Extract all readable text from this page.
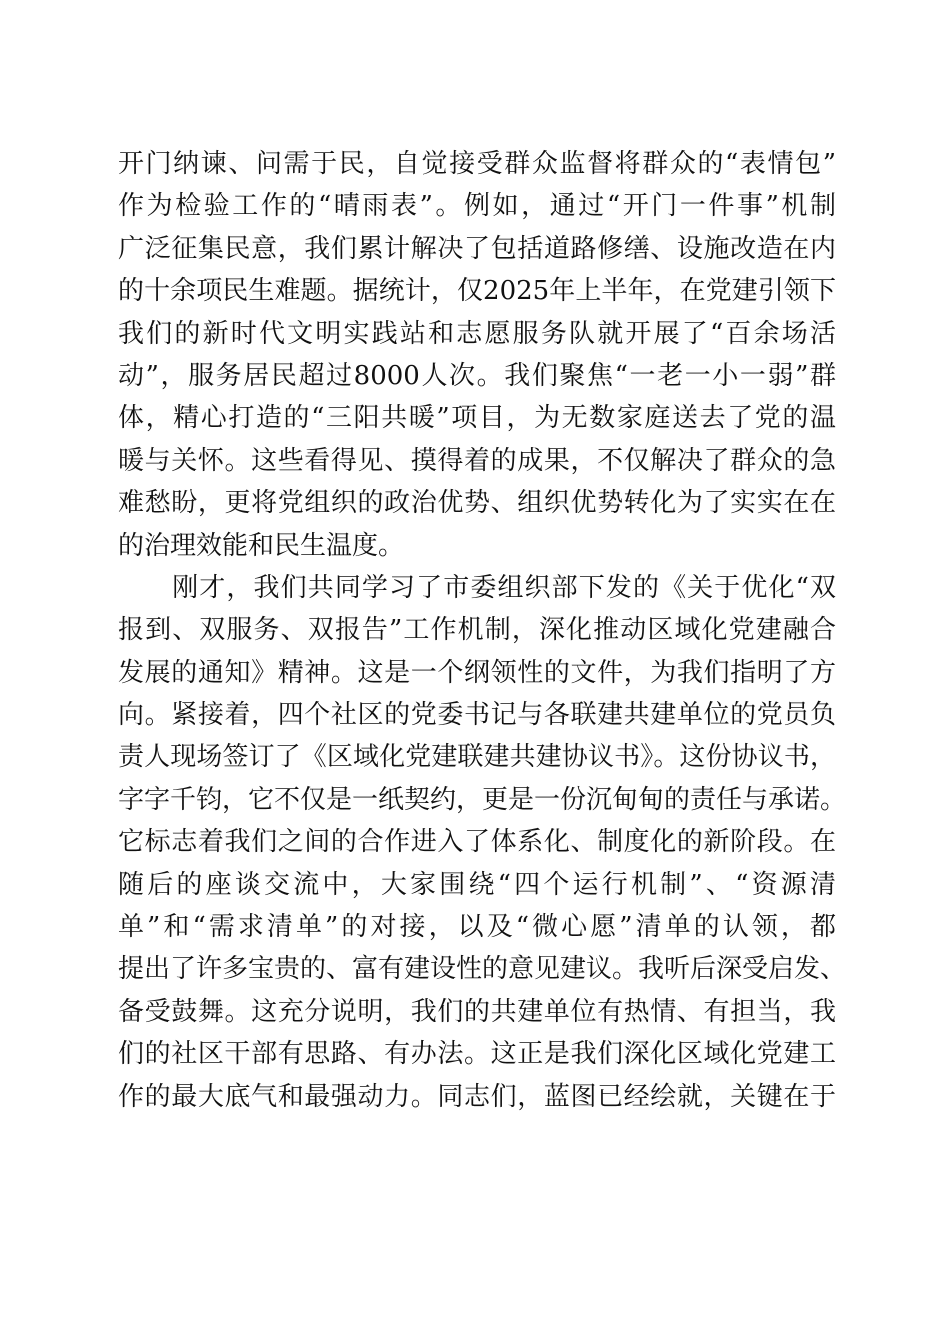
开门纳谏、问需于民，自觉接受群众监督将群众的“表情包”
作为检验工作的“晴雨表”。例如，通过“开门一件事”机制
广泛征集民意，我们累计解决了包括道路修缮、设施改造在内
的十余项民生难题。据统计，仅2025年上半年，在党建引领下
我们的新时代文明实践站和志愿服务队就开展了“百余场活
动”，服务居民超过8000人次。我们聚焦“一老一小一弱”群
体，精心打造的“三阳共暖”项目，为无数家庭送去了党的温
暖与关怀。这些看得见、摸得着的成果，不仅解决了群众的急
难愁盼，更将党组织的政治优势、组织优势转化为了实实在在
的治理效能和民生温度。
　　刚才，我们共同学习了市委组织部下发的《关于优化“双
报到、双服务、双报告”工作机制，深化推动区域化党建融合
发展的通知》精神。这是一个纲领性的文件，为我们指明了方
向。紧接着，四个社区的党委书记与各联建共建单位的党员负
责人现场签订了《区域化党建联建共建协议书》。这份协议书，
字字千钧，它不仅是一纸契约，更是一份沉甸甸的责任与承诺。
它标志着我们之间的合作进入了体系化、制度化的新阶段。在
随后的座谈交流中，大家围绕“四个运行机制”、“资源清
单”和“需求清单”的对接，以及“微心愿”清单的认领，都
提出了许多宝贵的、富有建设性的意见建议。我听后深受启发、
备受鼓舞。这充分说明，我们的共建单位有热情、有担当，我
们的社区干部有思路、有办法。这正是我们深化区域化党建工
作的最大底气和最强动力。同志们，蓝图已经绘就，关键在于
